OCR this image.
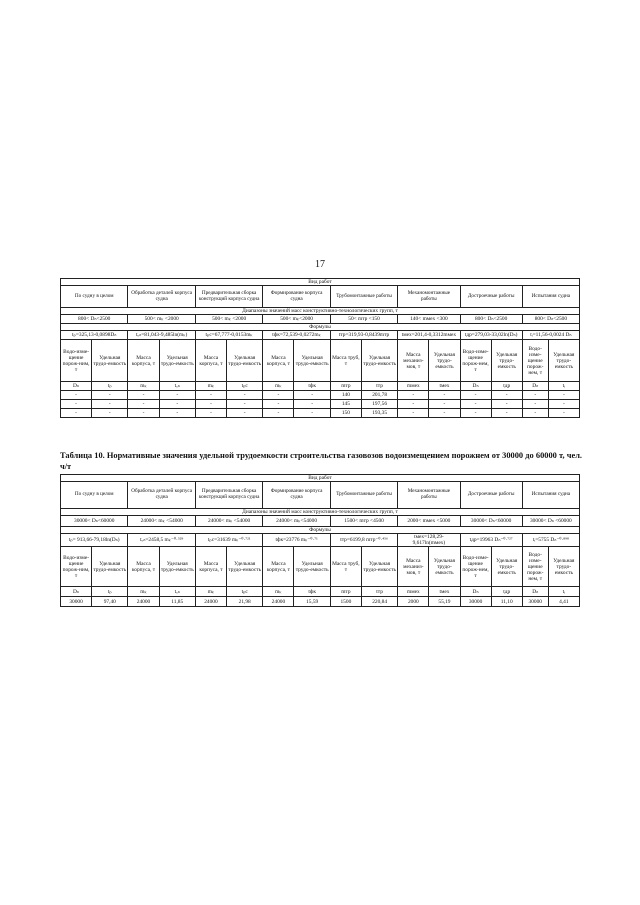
17
Вид работ															
По судну в целом		Обработка деталей корпуса судна		Предварительная сборка конструкций корпуса судна		Формирование корпуса судна		Трубомонтажные работы		Механомонтажные работы		Достроечные работы		Испытания судна	
Диапазоны значений масс конструктивно-технологических групп, т															
800< Dₙ<2500		500< mₖ <2000		500< mₖ <2000		500< mₖ<2000		50< mтр <150		140< mмех <300		800< Dₙ<2500		800< Dₙ<2500	
Формулы															
tₚ=325,13-0,0898Dₙ		tₒₙ=81,043-9,485ln(mₖ)		tₚс=67,777-0,0153mₖ		tфк=72,539-0,0272mₖ		tтр=319,93-0,8439mтр		tмех=201,4-0,3312mмех		tдр=279,03-33,02ln(Dₙ)		tᵢ=11,56-0,0024 Dₙ	
Водо-изме-щение порож-ним, т	Удельная трудо-емкость	Масса корпуса, т	Удельная трудо-емкость	Масса корпуса, т	Удельная трудо-емкость	Масса корпуса, т	Удельная трудо-емкость	Масса труб, т	Удельная трудо-емкость	Масса механиз-мов, т	Удельная трудо-емкость	Водо-изме-щение порож-нем, т	Удельная трудо-емкость	Водо-изме-щение порож-нем, т	Удельная трудо-емкость
Dₙ	tₚ	mₖ	tₒₙ	mₖ	tₚс	mₖ	tфк	mтр	tтр	mмех	tмех	Dₙ	tдр	Dₙ	tᵢ
-	-	-	-	-	-	-	-	140	201,78	-	-	-	-	-	-
-	-	-	-	-	-	-	-	145	197,56	-	-	-	-	-	-
-	-	-	-	-	-	-	-	150	193,35	-	-	-	-	-	-
Таблица 10. Нормативные значения удельной трудоемкости строительства газовозов водоизмещением порожнем от 30000 до 60000 т, чел. ч/т
Вид работ															
По судну в целом		Обработка деталей корпуса судна		Предварительная сборка конструкций корпуса судна		Формирование корпуса судна		Трубомонтажные работы		Механомонтажные работы		Достроечные работы		Испытания судна	
Диапазоны значений масс конструктивно-технологических групп, т															
30000< Dₙ<60000		24000< mₖ <54000		24000< mₖ <54000		24000< mₖ<54000		1500< mтр <4500		2000< mмех <5000		30000< Dₙ<60000		30000< Dₙ <60000	
Формулы															
tₚ= 913,66-79,18ln(Dₙ)		tₒₙ=2458,5 mₖ⁻⁰·⁵²⁹		tₚс=31639 mₖ⁻⁰·⁷²¹		tфк=23776 mₖ⁻⁰·⁷¹		tтр=6199,8 mтр⁻⁰·⁴⁵⁶		tмех=128,29-9,617ln(mмех)		tдр=19963 Dₙ⁻⁰·⁷²⁷		tᵢ=5755 Dₙ⁻⁰·⁸⁹⁸	
Водо-изме-щение порож-ним, т	Удельная трудо-емкость	Масса корпуса, т	Удельная трудо-емкость	Масса корпуса, т	Удельная трудо-емкость	Масса корпуса, т	Удельная трудо-емкость	Масса труб, т	Удельная трудо-емкость	Масса механиз-мов, т	Удельная трудо-емкость	Водо-изме-щение порож-нем, т	Удельная трудо-емкость	Водо-изме-щение порож-нем, т	Удельная трудо-емкость
Dₙ	tₚ	mₖ	tₒₙ	mₖ	tₚс	mₖ	tфк	mтр	tтр	mмех	tмех	Dₙ	tдр	Dₙ	tᵢ
30000	97,40	24000	11,85	24000	21,98	24000	15,59	1500	220,84	2000	55,19	30000	11,10	30000	4,41
